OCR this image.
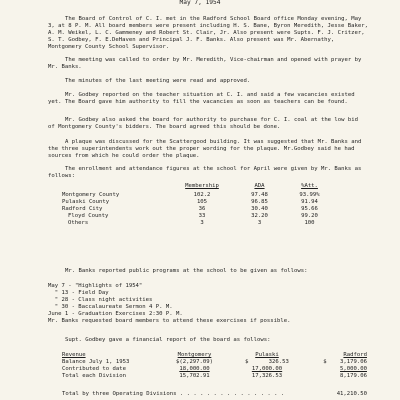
May 7, 1954

The Board of Control of C. I. met in the Radford School Board office Monday evening, May 3, at 8 P. M. All board members were present including H. S. Bane, Byron Meredith, Jesse Baker, A. M. Weikel, L. C. Gammeney and Robert St. Clair, Jr. Also present were Supts. F. J. Critzer, S. T. Godbey, F. E.DeHaven and Principal J. F. Banks. Also present was Mr. Abernathy, Montgomery County School Supervisor.

The meeting was called to order by Mr. Meredith, Vice-chairman and opened with prayer by Mr. Banks.

The minutes of the last meeting were read and approved.

Mr. Godbey reported on the teacher situation at C. I. and said a few vacancies existed yet. The Board gave him authority to fill the vacancies as soon as teachers can be found.

Mr. Godbey also asked the board for authority to purchase for C. I. coal at the low bid of Montgomery County's bidders. The board agreed this should be done.

A plaque was discussed for the Scattergood building. It was suggested that Mr. Banks and the three superintendents work out the proper wording for the plaque. Mr.Godbey said he had sources from which he could order the plaque.

The enrollment and attendance figures at the school for April were given by Mr. Banks as follows:

	Membership	ADA	%Att.

Montgomery County	102.2	97.48	93.99%
Pulaski County	105	96.85	91.94
Radford City	36	30.40	95.66
Floyd County	33	32.20	99.20
Others	3	3	100

Mr. Banks reported public programs at the school to be given as follows:

May 7 - "Highlights of 1954"
" 13 - Field Day
" 28 - Class night activities
" 30 - Baccalaureate Sermon 4 P. M.
June 1 - Graduation Exercises 2:30 P. M.
Mr. Banks requested board members to attend these exercises if possible.

Supt. Godbey gave a financial report of the board as follows:

Revenue	Montgomery	Pulaski	Radford
Balance July 1, 1953	$(2,297.09)	$      326.53	$    3,179.06
Contributed to date	18,000.00	17,000.00	5,000.00
Total each Division	15,702.91	17,326.53	8,179.06
Total by three Operating Divisions . . . . . . . . . . . . . . . .	41,210.50
